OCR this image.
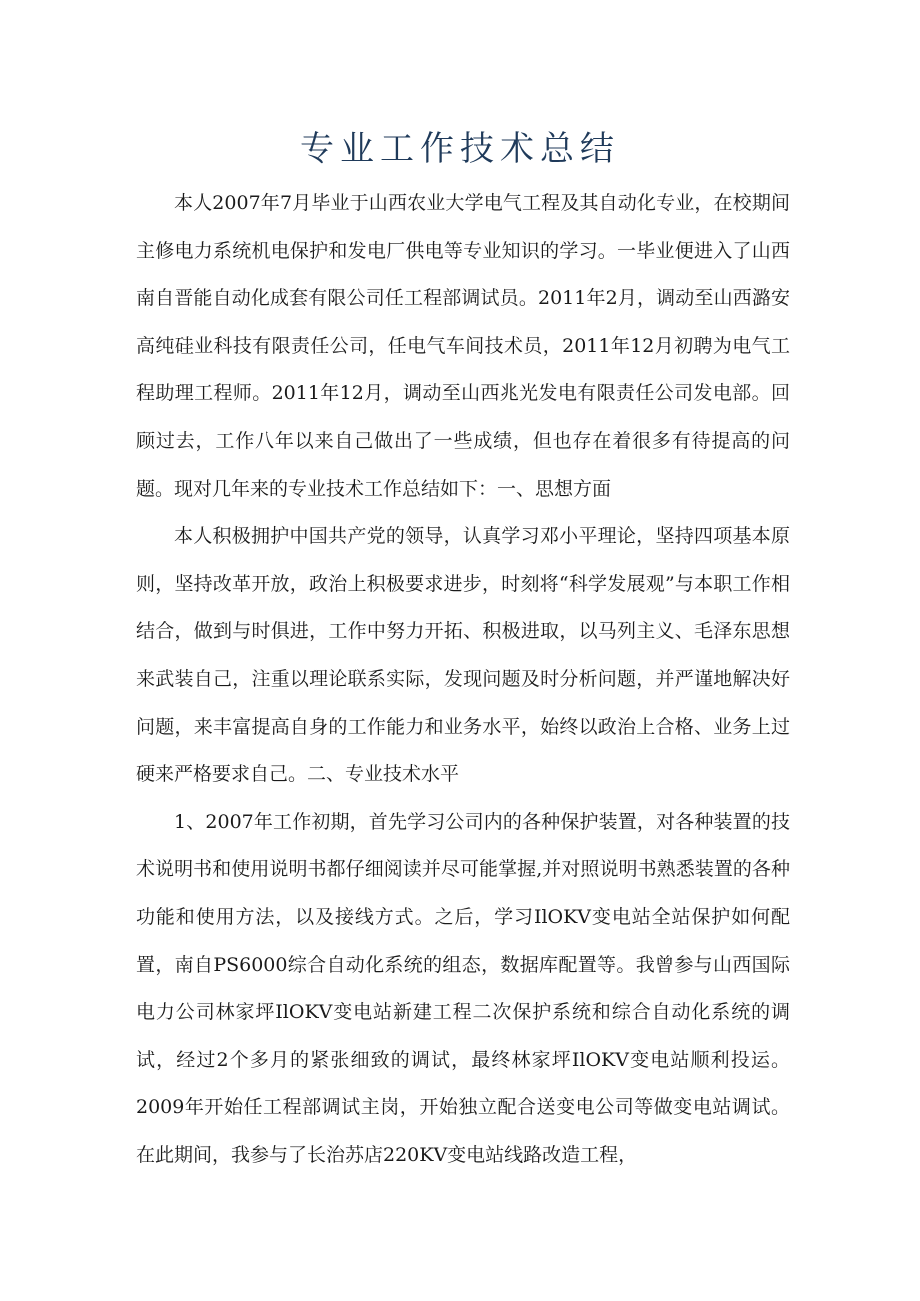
专业工作技术总结

本人2007年7月毕业于山西农业大学电气工程及其自动化专业，在校期间主修电力系统机电保护和发电厂供电等专业知识的学习。一毕业便进入了山西南自晋能自动化成套有限公司任工程部调试员。2011年2月，调动至山西潞安高纯硅业科技有限责任公司，任电气车间技术员，2011年12月初聘为电气工程助理工程师。2011年12月，调动至山西兆光发电有限责任公司发电部。回顾过去，工作八年以来自己做出了一些成绩，但也存在着很多有待提高的问题。现对几年来的专业技术工作总结如下：一、思想方面

本人积极拥护中国共产党的领导，认真学习邓小平理论，坚持四项基本原则，坚持改革开放，政治上积极要求进步，时刻将“科学发展观”与本职工作相结合，做到与时俱进，工作中努力开拓、积极进取，以马列主义、毛泽东思想来武装自己，注重以理论联系实际，发现问题及时分析问题，并严谨地解决好问题，来丰富提高自身的工作能力和业务水平，始终以政治上合格、业务上过硬来严格要求自己。二、专业技术水平

1、2007年工作初期，首先学习公司内的各种保护装置，对各种装置的技术说明书和使用说明书都仔细阅读并尽可能掌握,并对照说明书熟悉装置的各种功能和使用方法，以及接线方式。之后，学习IlOKV变电站全站保护如何配置，南自PS6000综合自动化系统的组态，数据库配置等。我曾参与山西国际电力公司林家坪IlOKV变电站新建工程二次保护系统和综合自动化系统的调试，经过2个多月的紧张细致的调试，最终林家坪IlOKV变电站顺利投运。2009年开始任工程部调试主岗，开始独立配合送变电公司等做变电站调试。在此期间，我参与了长治苏店220KV变电站线路改造工程，
